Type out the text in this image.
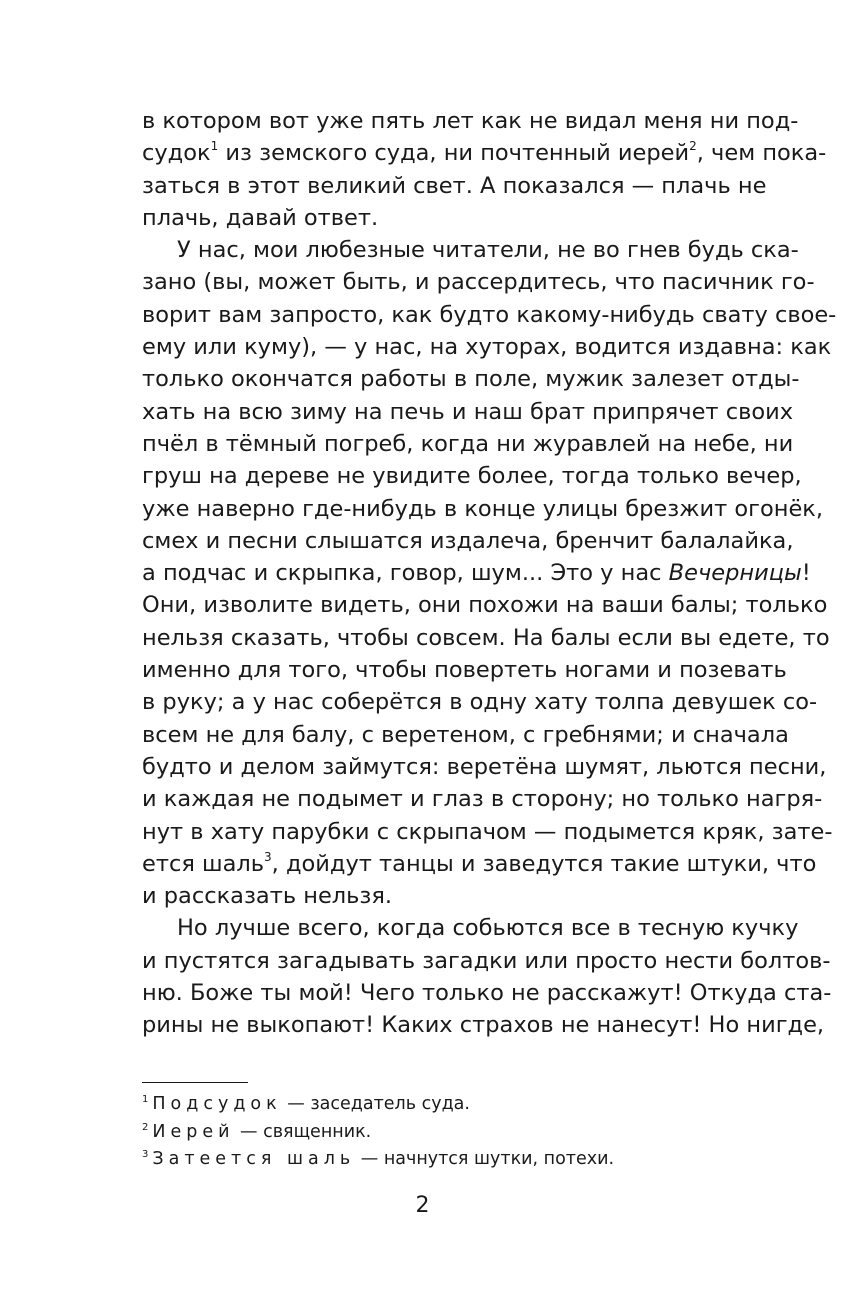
в котором вот уже пять лет как не видал меня ни под-
судок$^1$ из земского суда, ни почтенный иерей$^2$, чем пока-
заться в этот великий свет. А показался — плачь не
плачь, давай ответ.
У нас, мои любезные читатели, не во гнев будь ска-
зано (вы, может быть, и рассердитесь, что пасичник го-
ворит вам запросто, как будто какому-нибудь свату свое-
ему или куму), — у нас, на хуторах, водится издавна: как
только окончатся работы в поле, мужик залезет отды-
хать на всю зиму на печь и наш брат припрячет своих
пчёл в тёмный погреб, когда ни журавлей на небе, ни
груш на дереве не увидите более, тогда только вечер,
уже наверно где-нибудь в конце улицы брезжит огонёк,
смех и песни слышатся издалеча, бренчит балалайка,
а подчас и скрыпка, говор, шум... Это у нас Вечерницы!
Они, изволите видеть, они похожи на ваши балы; только
нельзя сказать, чтобы совсем. На балы если вы едете, то
именно для того, чтобы повертеть ногами и позевать
в руку; а у нас соберётся в одну хату толпа девушек со-
всем не для балу, с веретеном, с гребнями; и сначала
будто и делом займутся: веретёна шумят, льются песни,
и каждая не подымет и глаз в сторону; но только нагря-
нут в хату парубки с скрыпачом — подымется кряк, зате-
ется шаль$^3$, дойдут танцы и заведутся такие штуки, что
и рассказать нельзя.
Но лучше всего, когда собьются все в тесную кучку
и пустятся загадывать загадки или просто нести болтов-
ню. Боже ты мой! Чего только не расскажут! Откуда ста-
рины не выкопают! Каких страхов не нанесут! Но нигде,
$^1$ Подсудок — заседатель суда.
$^2$ Иерей — священник.
$^3$ Затеется шаль — начнутся шутки, потехи.
2
